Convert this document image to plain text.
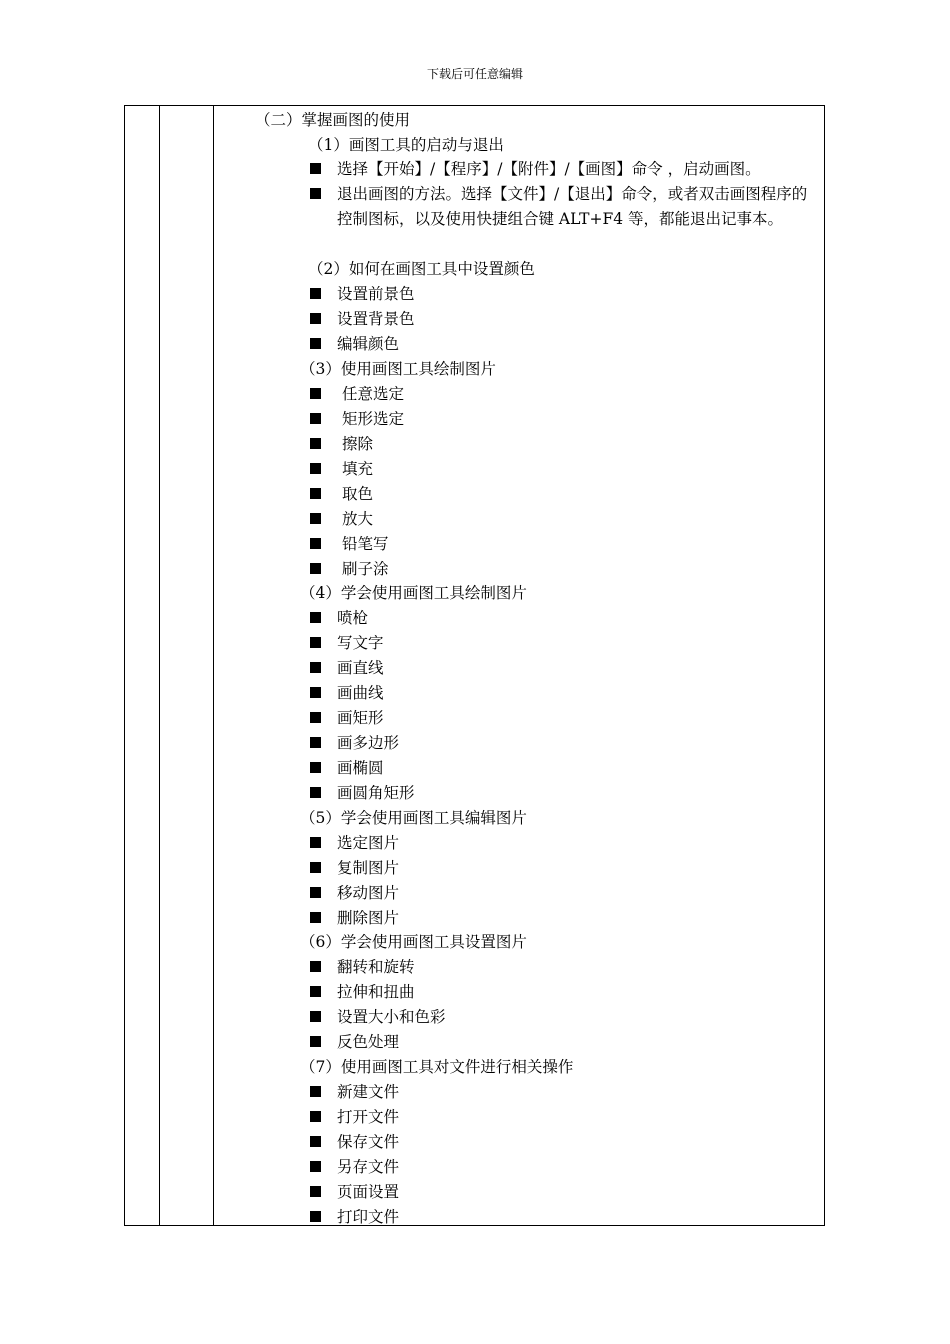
下载后可任意编辑
（二）掌握画图的使用
（1）画图工具的启动与退出
选择【开始】/【程序】/【附件】/【画图】命令 ，启动画图。
退出画图的方法。选择【文件】/【退出】命令，或者双击画图程序的控制图标，以及使用快捷组合键 ALT+F4 等，都能退出记事本。
（2）如何在画图工具中设置颜色
设置前景色
设置背景色
编辑颜色
（3）使用画图工具绘制图片
任意选定
矩形选定
擦除
填充
取色
放大
铅笔写
刷子涂
（4）学会使用画图工具绘制图片
喷枪
写文字
画直线
画曲线
画矩形
画多边形
画椭圆
画圆角矩形
（5）学会使用画图工具编辑图片
选定图片
复制图片
移动图片
删除图片
（6）学会使用画图工具设置图片
翻转和旋转
拉伸和扭曲
设置大小和色彩
反色处理
（7）使用画图工具对文件进行相关操作
新建文件
打开文件
保存文件
另存文件
页面设置
打印文件
